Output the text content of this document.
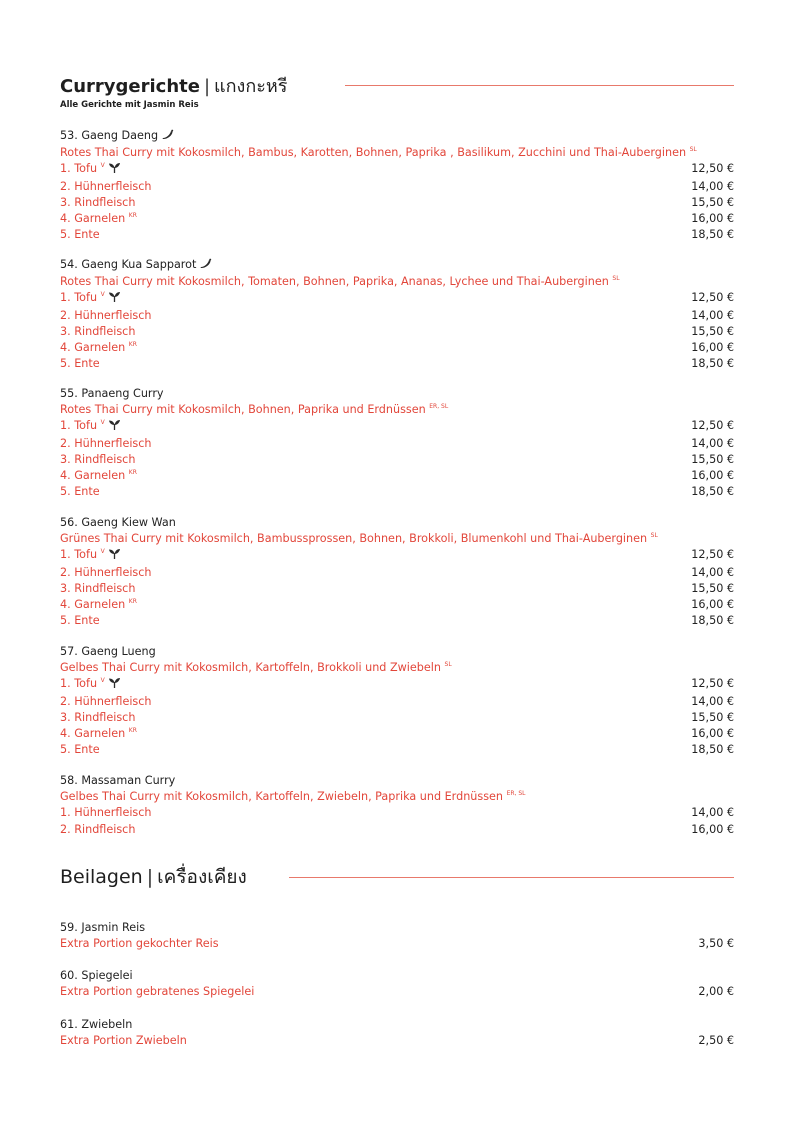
Currygerichte | แกงกะหรี
Alle Gerichte mit Jasmin Reis
53. Gaeng Daeng
Rotes Thai Curry mit Kokosmilch, Bambus, Karotten, Bohnen, Paprika , Basilikum, Zucchini und Thai-Auberginen $^{SL}$
1. Tofu $^V$	12,50 €
2. Hühnerfleisch	14,00 €
3. Rindfleisch	15,50 €
4. Garnelen $^{KR}$	16,00 €
5. Ente	18,50 €
54. Gaeng Kua Sapparot
Rotes Thai Curry mit Kokosmilch, Tomaten, Bohnen, Paprika, Ananas, Lychee und Thai-Auberginen $^{SL}$
1. Tofu $^V$	12,50 €
2. Hühnerfleisch	14,00 €
3. Rindfleisch	15,50 €
4. Garnelen $^{KR}$	16,00 €
5. Ente	18,50 €
55. Panaeng Curry
Rotes Thai Curry mit Kokosmilch, Bohnen, Paprika und Erdnüssen $^{ER, SL}$
1. Tofu $^V$	12,50 €
2. Hühnerfleisch	14,00 €
3. Rindfleisch	15,50 €
4. Garnelen $^{KR}$	16,00 €
5. Ente	18,50 €
56. Gaeng Kiew Wan
Grünes Thai Curry mit Kokosmilch, Bambussprossen, Bohnen, Brokkoli, Blumenkohl und Thai-Auberginen $^{SL}$
1. Tofu $^V$	12,50 €
2. Hühnerfleisch	14,00 €
3. Rindfleisch	15,50 €
4. Garnelen $^{KR}$	16,00 €
5. Ente	18,50 €
57. Gaeng Lueng
Gelbes Thai Curry mit Kokosmilch, Kartoffeln, Brokkoli und Zwiebeln $^{SL}$
1. Tofu $^V$	12,50 €
2. Hühnerfleisch	14,00 €
3. Rindfleisch	15,50 €
4. Garnelen $^{KR}$	16,00 €
5. Ente	18,50 €
58. Massaman Curry
Gelbes Thai Curry mit Kokosmilch, Kartoffeln, Zwiebeln, Paprika und Erdnüssen $^{ER, SL}$
1. Hühnerfleisch	14,00 €
2. Rindfleisch	16,00 €
Beilagen | เครื่องเคียง
59. Jasmin Reis
Extra Portion gekochter Reis	3,50 €
60. Spiegelei
Extra Portion gebratenes Spiegelei	2,00 €
61. Zwiebeln
Extra Portion Zwiebeln	2,50 €
